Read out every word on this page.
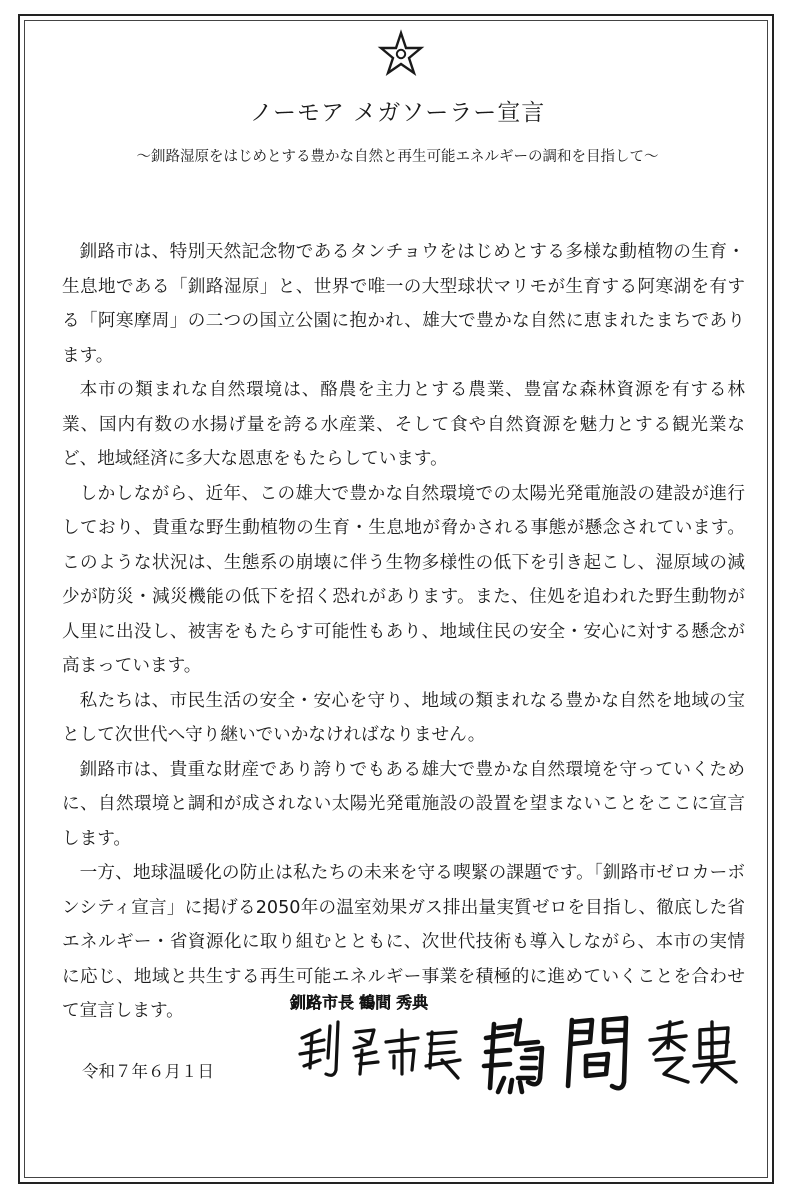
ノーモア メガソーラー宣言
～釧路湿原をはじめとする豊かな自然と再生可能エネルギーの調和を目指して～

釧路市は、特別天然記念物であるタンチョウをはじめとする多様な動植物の生育・生息地である「釧路湿原」と、世界で唯一の大型球状マリモが生育する阿寒湖を有する「阿寒摩周」の二つの国立公園に抱かれ、雄大で豊かな自然に恵まれたまちであります。

本市の類まれな自然環境は、酪農を主力とする農業、豊富な森林資源を有する林業、国内有数の水揚げ量を誇る水産業、そして食や自然資源を魅力とする観光業など、地域経済に多大な恩恵をもたらしています。

しかしながら、近年、この雄大で豊かな自然環境での太陽光発電施設の建設が進行しており、貴重な野生動植物の生育・生息地が脅かされる事態が懸念されています。このような状況は、生態系の崩壊に伴う生物多様性の低下を引き起こし、湿原域の減少が防災・減災機能の低下を招く恐れがあります。また、住処を追われた野生動物が人里に出没し、被害をもたらす可能性もあり、地域住民の安全・安心に対する懸念が高まっています。

私たちは、市民生活の安全・安心を守り、地域の類まれなる豊かな自然を地域の宝として次世代へ守り継いでいかなければなりません。

釧路市は、貴重な財産であり誇りでもある雄大で豊かな自然環境を守っていくために、自然環境と調和が成されない太陽光発電施設の設置を望まないことをここに宣言します。

一方、地球温暖化の防止は私たちの未来を守る喫緊の課題です。「釧路市ゼロカーボンシティ宣言」に掲げる2050年の温室効果ガス排出量実質ゼロを目指し、徹底した省エネルギー・省資源化に取り組むとともに、次世代技術も導入しながら、本市の実情に応じ、地域と共生する再生可能エネルギー事業を積極的に進めていくことを合わせて宣言します。

令和７年６月１日
釧路市長 鶴間 秀典
